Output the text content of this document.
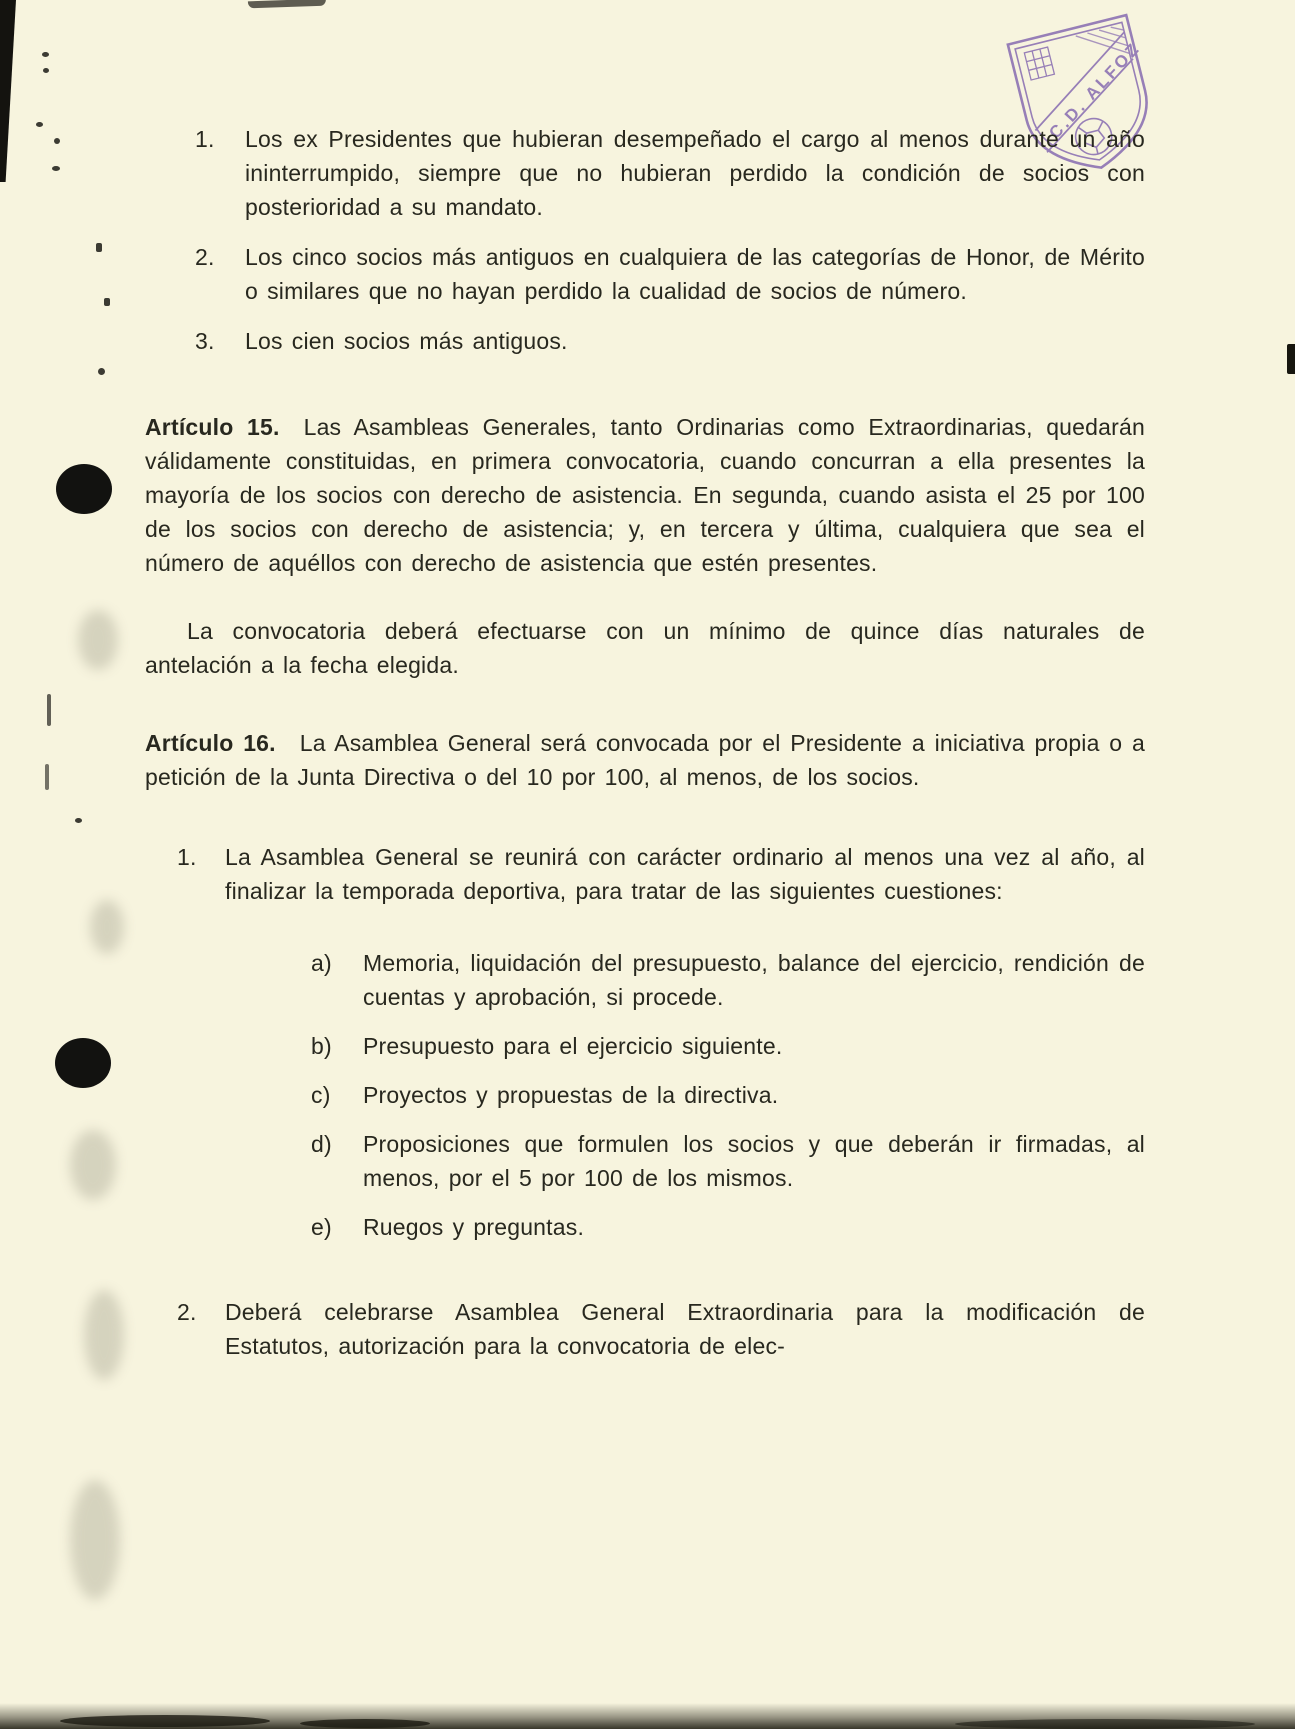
C.D. ALFOZ
1.	Los ex Presidentes que hubieran desempeñado el cargo al menos durante un año ininterrumpido, siempre que no hubieran perdido la condición de socios con posterioridad a su mandato.
2.	Los cinco socios más antiguos en cualquiera de las categorías de Honor, de Mérito o similares que no hayan perdido la cualidad de socios de número.
3.	Los cien socios más antiguos.

Artículo 15. Las Asambleas Generales, tanto Ordinarias como Extraordinarias, quedarán válidamente constituidas, en primera convocatoria, cuando concurran a ella presentes la mayoría de los socios con derecho de asistencia. En segunda, cuando asista el 25 por 100 de los socios con derecho de asistencia; y, en tercera y última, cualquiera que sea el número de aquéllos con derecho de asistencia que estén presentes.

La convocatoria deberá efectuarse con un mínimo de quince días naturales de antelación a la fecha elegida.

Artículo 16. La Asamblea General será convocada por el Presidente a iniciativa propia o a petición de la Junta Directiva o del 10 por 100, al menos, de los socios.

1.	La Asamblea General se reunirá con carácter ordinario al menos una vez al año, al finalizar la temporada deportiva, para tratar de las siguientes cuestiones:
a)	Memoria, liquidación del presupuesto, balance del ejercicio, rendición de cuentas y aprobación, si procede.
b)	Presupuesto para el ejercicio siguiente.
c)	Proyectos y propuestas de la directiva.
d)	Proposiciones que formulen los socios y que deberán ir firmadas, al menos, por el 5 por 100 de los mismos.
e)	Ruegos y preguntas.
2.	Deberá celebrarse Asamblea General Extraordinaria para la modificación de Estatutos, autorización para la convocatoria de elec-
